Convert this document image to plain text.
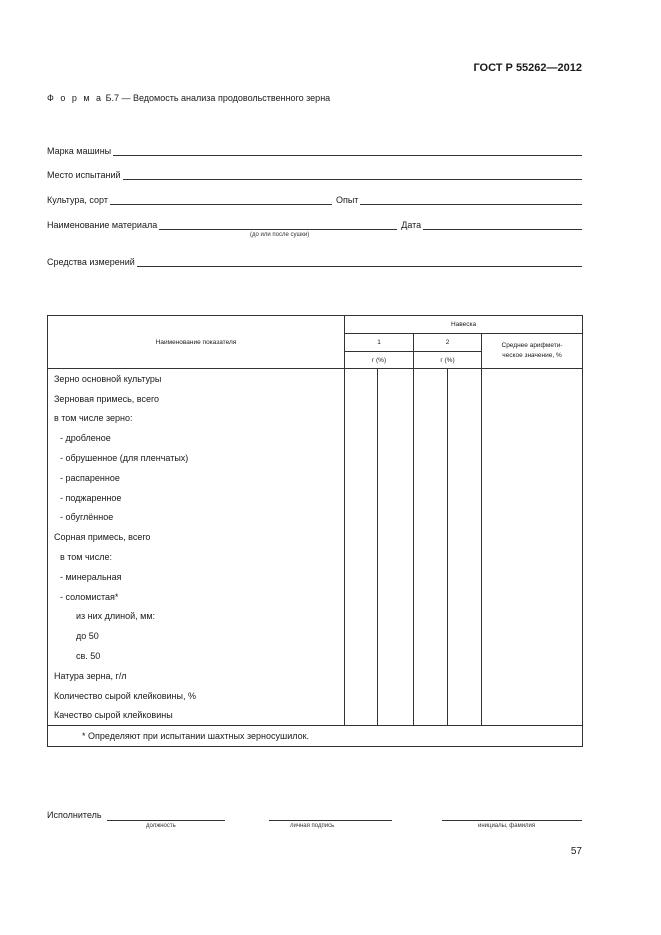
ГОСТ Р 55262—2012
Ф о р м а Б.7 — Ведомость анализа продовольственного зерна
Марка машины
Место испытаний
Культура, сорт	Опыт
Наименование материала	Дата
(до или после сушки)
Средства измерений
Наименование показателя	Навеска				
	1		2		Среднее арифмети-
ческое значение, %
	г (%)		г (%)		
Зерно основной культуры					
Зерновая примесь, всего					
в том числе зерно:					
- дробленое					
- обрушенное (для пленчатых)					
- распаренное					
- поджаренное					
- обуглённое					
Сорная примесь, всего					
в том числе:					
- минеральная					
- соломистая*					
из них длиной, мм:					
до 50					
св. 50					
Натура зерна, г/л					
Количество сырой клейковины, %					
Качество сырой клейковины					
* Определяют при испытании шахтных зерносушилок.					
Исполнитель
должность	личная подпись	инициалы, фамилия
57
